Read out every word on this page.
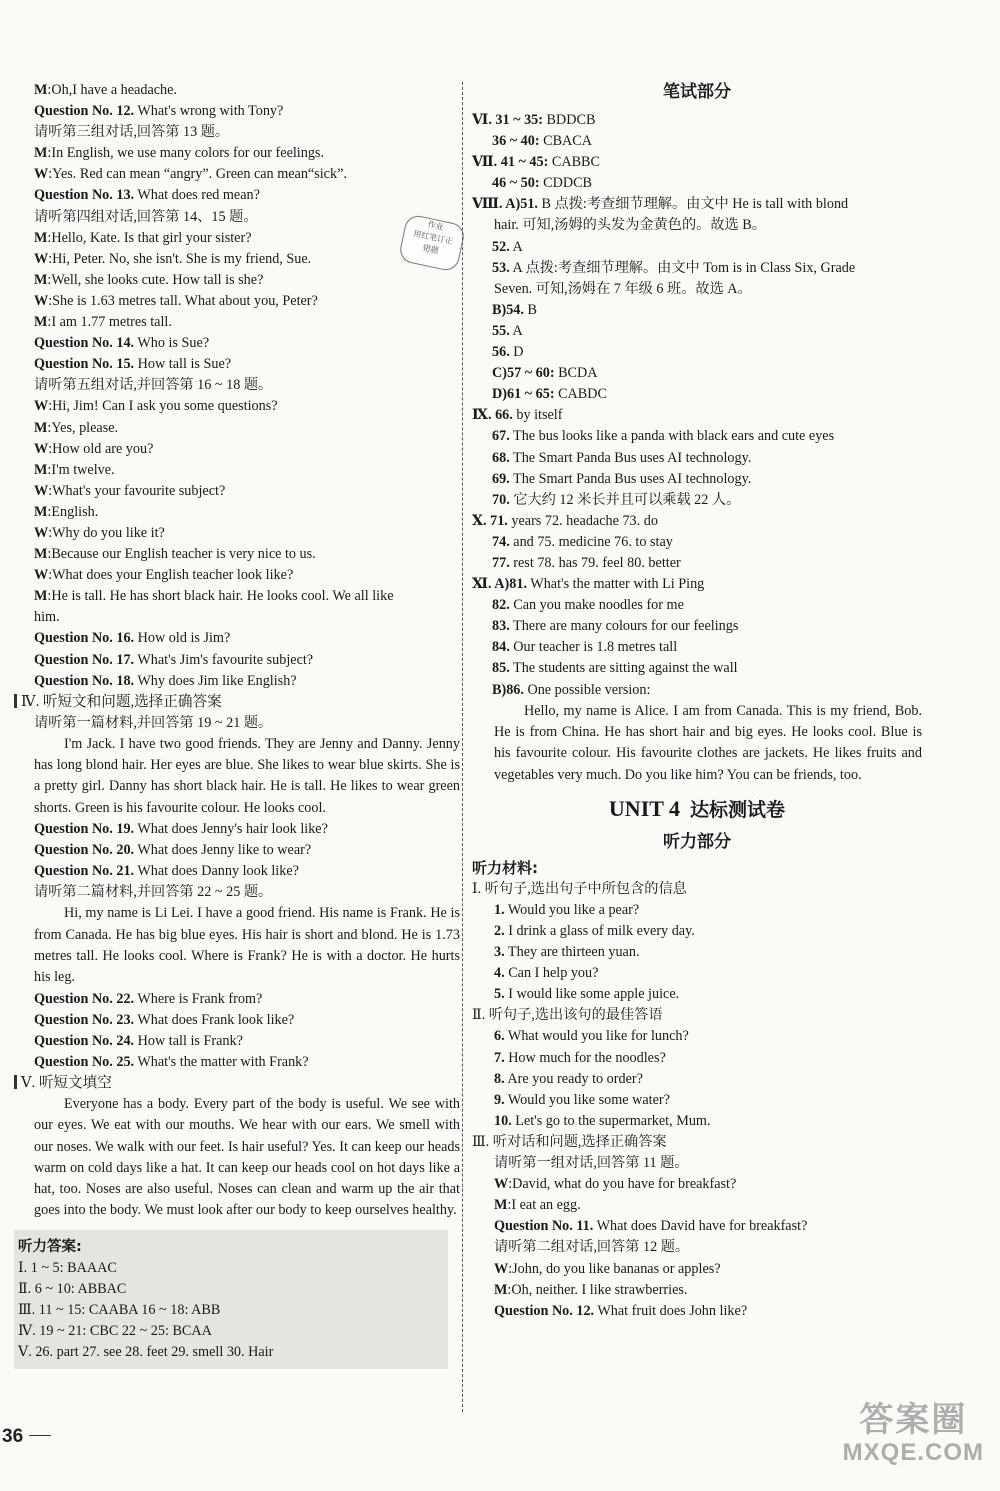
作业
用红笔订正
错题
M:Oh,I have a headache.
Question No. 12. What's wrong with Tony?
请听第三组对话,回答第 13 题。
M:In English, we use many colors for our feelings.
W:Yes. Red can mean “angry”. Green can mean“sick”.
Question No. 13. What does red mean?
请听第四组对话,回答第 14、15 题。
M:Hello, Kate. Is that girl your sister?
W:Hi, Peter. No, she isn't. She is my friend, Sue.
M:Well, she looks cute. How tall is she?
W:She is 1.63 metres tall. What about you, Peter?
M:I am 1.77 metres tall.
Question No. 14. Who is Sue?
Question No. 15. How tall is Sue?
请听第五组对话,并回答第 16 ~ 18 题。
W:Hi, Jim! Can I ask you some questions?
M:Yes, please.
W:How old are you?
M:I'm twelve.
W:What's your favourite subject?
M:English.
W:Why do you like it?
M:Because our English teacher is very nice to us.
W:What does your English teacher look like?
M:He is tall. He has short black hair. He looks cool. We all like
him.
Question No. 16. How old is Jim?
Question No. 17. What's Jim's favourite subject?
Question No. 18. Why does Jim like English?
Ⅳ. 听短文和问题,选择正确答案
请听第一篇材料,并回答第 19 ~ 21 题。
I'm Jack. I have two good friends. They are Jenny and Danny. Jenny has long blond hair. Her eyes are blue. She likes to wear blue skirts. She is a pretty girl. Danny has short black hair. He is tall. He likes to wear green shorts. Green is his favourite colour. He looks cool.
Question No. 19. What does Jenny's hair look like?
Question No. 20. What does Jenny like to wear?
Question No. 21. What does Danny look like?
请听第二篇材料,并回答第 22 ~ 25 题。
Hi, my name is Li Lei. I have a good friend. His name is Frank. He is from Canada. He has big blue eyes. His hair is short and blond. He is 1.73 metres tall. He looks cool. Where is Frank? He is with a doctor. He hurts his leg.
Question No. 22. Where is Frank from?
Question No. 23. What does Frank look like?
Question No. 24. How tall is Frank?
Question No. 25. What's the matter with Frank?
Ⅴ. 听短文填空
Everyone has a body. Every part of the body is useful. We see with our eyes. We eat with our mouths. We hear with our ears. We smell with our noses. We walk with our feet. Is hair useful? Yes. It can keep our heads warm on cold days like a hat. It can keep our heads cool on hot days like a hat, too. Noses are also useful. Noses can clean and warm up the air that goes into the body. We must look after our body to keep ourselves healthy.
听力答案:
Ⅰ. 1 ~ 5: BAAAC
Ⅱ. 6 ~ 10: ABBAC
Ⅲ. 11 ~ 15: CAABA 16 ~ 18: ABB
Ⅳ. 19 ~ 21: CBC 22 ~ 25: BCAA
Ⅴ. 26. part 27. see 28. feet 29. smell 30. Hair
笔试部分
Ⅵ. 31 ~ 35: BDDCB
36 ~ 40: CBACA
Ⅶ. 41 ~ 45: CABBC
46 ~ 50: CDDCB
Ⅷ. A)51. B 点拨:考查细节理解。由文中 He is tall with blond
hair. 可知,汤姆的头发为金黄色的。故选 B。
52. A
53. A 点拨:考查细节理解。由文中 Tom is in Class Six, Grade
Seven. 可知,汤姆在 7 年级 6 班。故选 A。
B)54. B
55. A
56. D
C)57 ~ 60: BCDA
D)61 ~ 65: CABDC
Ⅸ. 66. by itself
67. The bus looks like a panda with black ears and cute eyes
68. The Smart Panda Bus uses AI technology.
69. The Smart Panda Bus uses AI technology.
70. 它大约 12 米长并且可以乘载 22 人。
Ⅹ. 71. years 72. headache 73. do
74. and 75. medicine 76. to stay
77. rest 78. has 79. feel 80. better
Ⅺ. A)81. What's the matter with Li Ping
82. Can you make noodles for me
83. There are many colours for our feelings
84. Our teacher is 1.8 metres tall
85. The students are sitting against the wall
B)86. One possible version:
Hello, my name is Alice. I am from Canada. This is my friend, Bob. He is from China. He has short hair and big eyes. He looks cool. Blue is his favourite colour. His favourite clothes are jackets. He likes fruits and vegetables very much. Do you like him? You can be friends, too.
UNIT 4 达标测试卷
听力部分
听力材料:
Ⅰ. 听句子,选出句子中所包含的信息
1. Would you like a pear?
2. I drink a glass of milk every day.
3. They are thirteen yuan.
4. Can I help you?
5. I would like some apple juice.
Ⅱ. 听句子,选出该句的最佳答语
6. What would you like for lunch?
7. How much for the noodles?
8. Are you ready to order?
9. Would you like some water?
10. Let's go to the supermarket, Mum.
Ⅲ. 听对话和问题,选择正确答案
请听第一组对话,回答第 11 题。
W:David, what do you have for breakfast?
M:I eat an egg.
Question No. 11. What does David have for breakfast?
请听第二组对话,回答第 12 题。
W:John, do you like bananas or apples?
M:Oh, neither. I like strawberries.
Question No. 12. What fruit does John like?
36	答案圈
MXQE.COM
